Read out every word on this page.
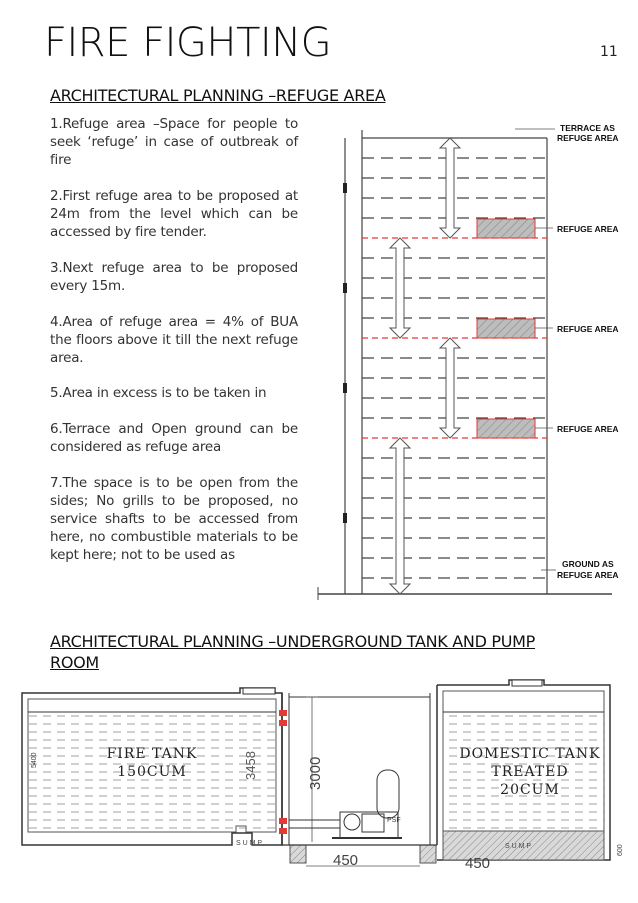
FIRE FIGHTING	11
ARCHITECTURAL PLANNING –REFUGE AREA

1.Refuge area –Space for people to seek ‘refuge’ in case of outbreak of fire

2.First refuge area to be proposed at 24m from the level which can be accessed by fire tender.

3.Next refuge area to be proposed every 15m.

4.Area of refuge area = 4% of BUA the floors above it till the next refuge area.

5.Area in excess is to be taken in

6.Terrace and Open ground can be considered as refuge area

7.The space is to be open from the sides; No grills to be proposed, no service shafts to be accessed from here, no combustible materials to be kept here; not to be used as

TERRACE AS
REFUGE AREA
REFUGE AREA
REFUGE AREA
REFUGE AREA
GROUND AS
REFUGE AREA
ARCHITECTURAL PLANNING –UNDERGROUND TANK AND PUMP
ROOM
FIRE TANK
150CUM
5400
S U M P
3458	3000
450
PSF
DOMESTIC TANK
TREATED
20CUM
S U M P	600
450
